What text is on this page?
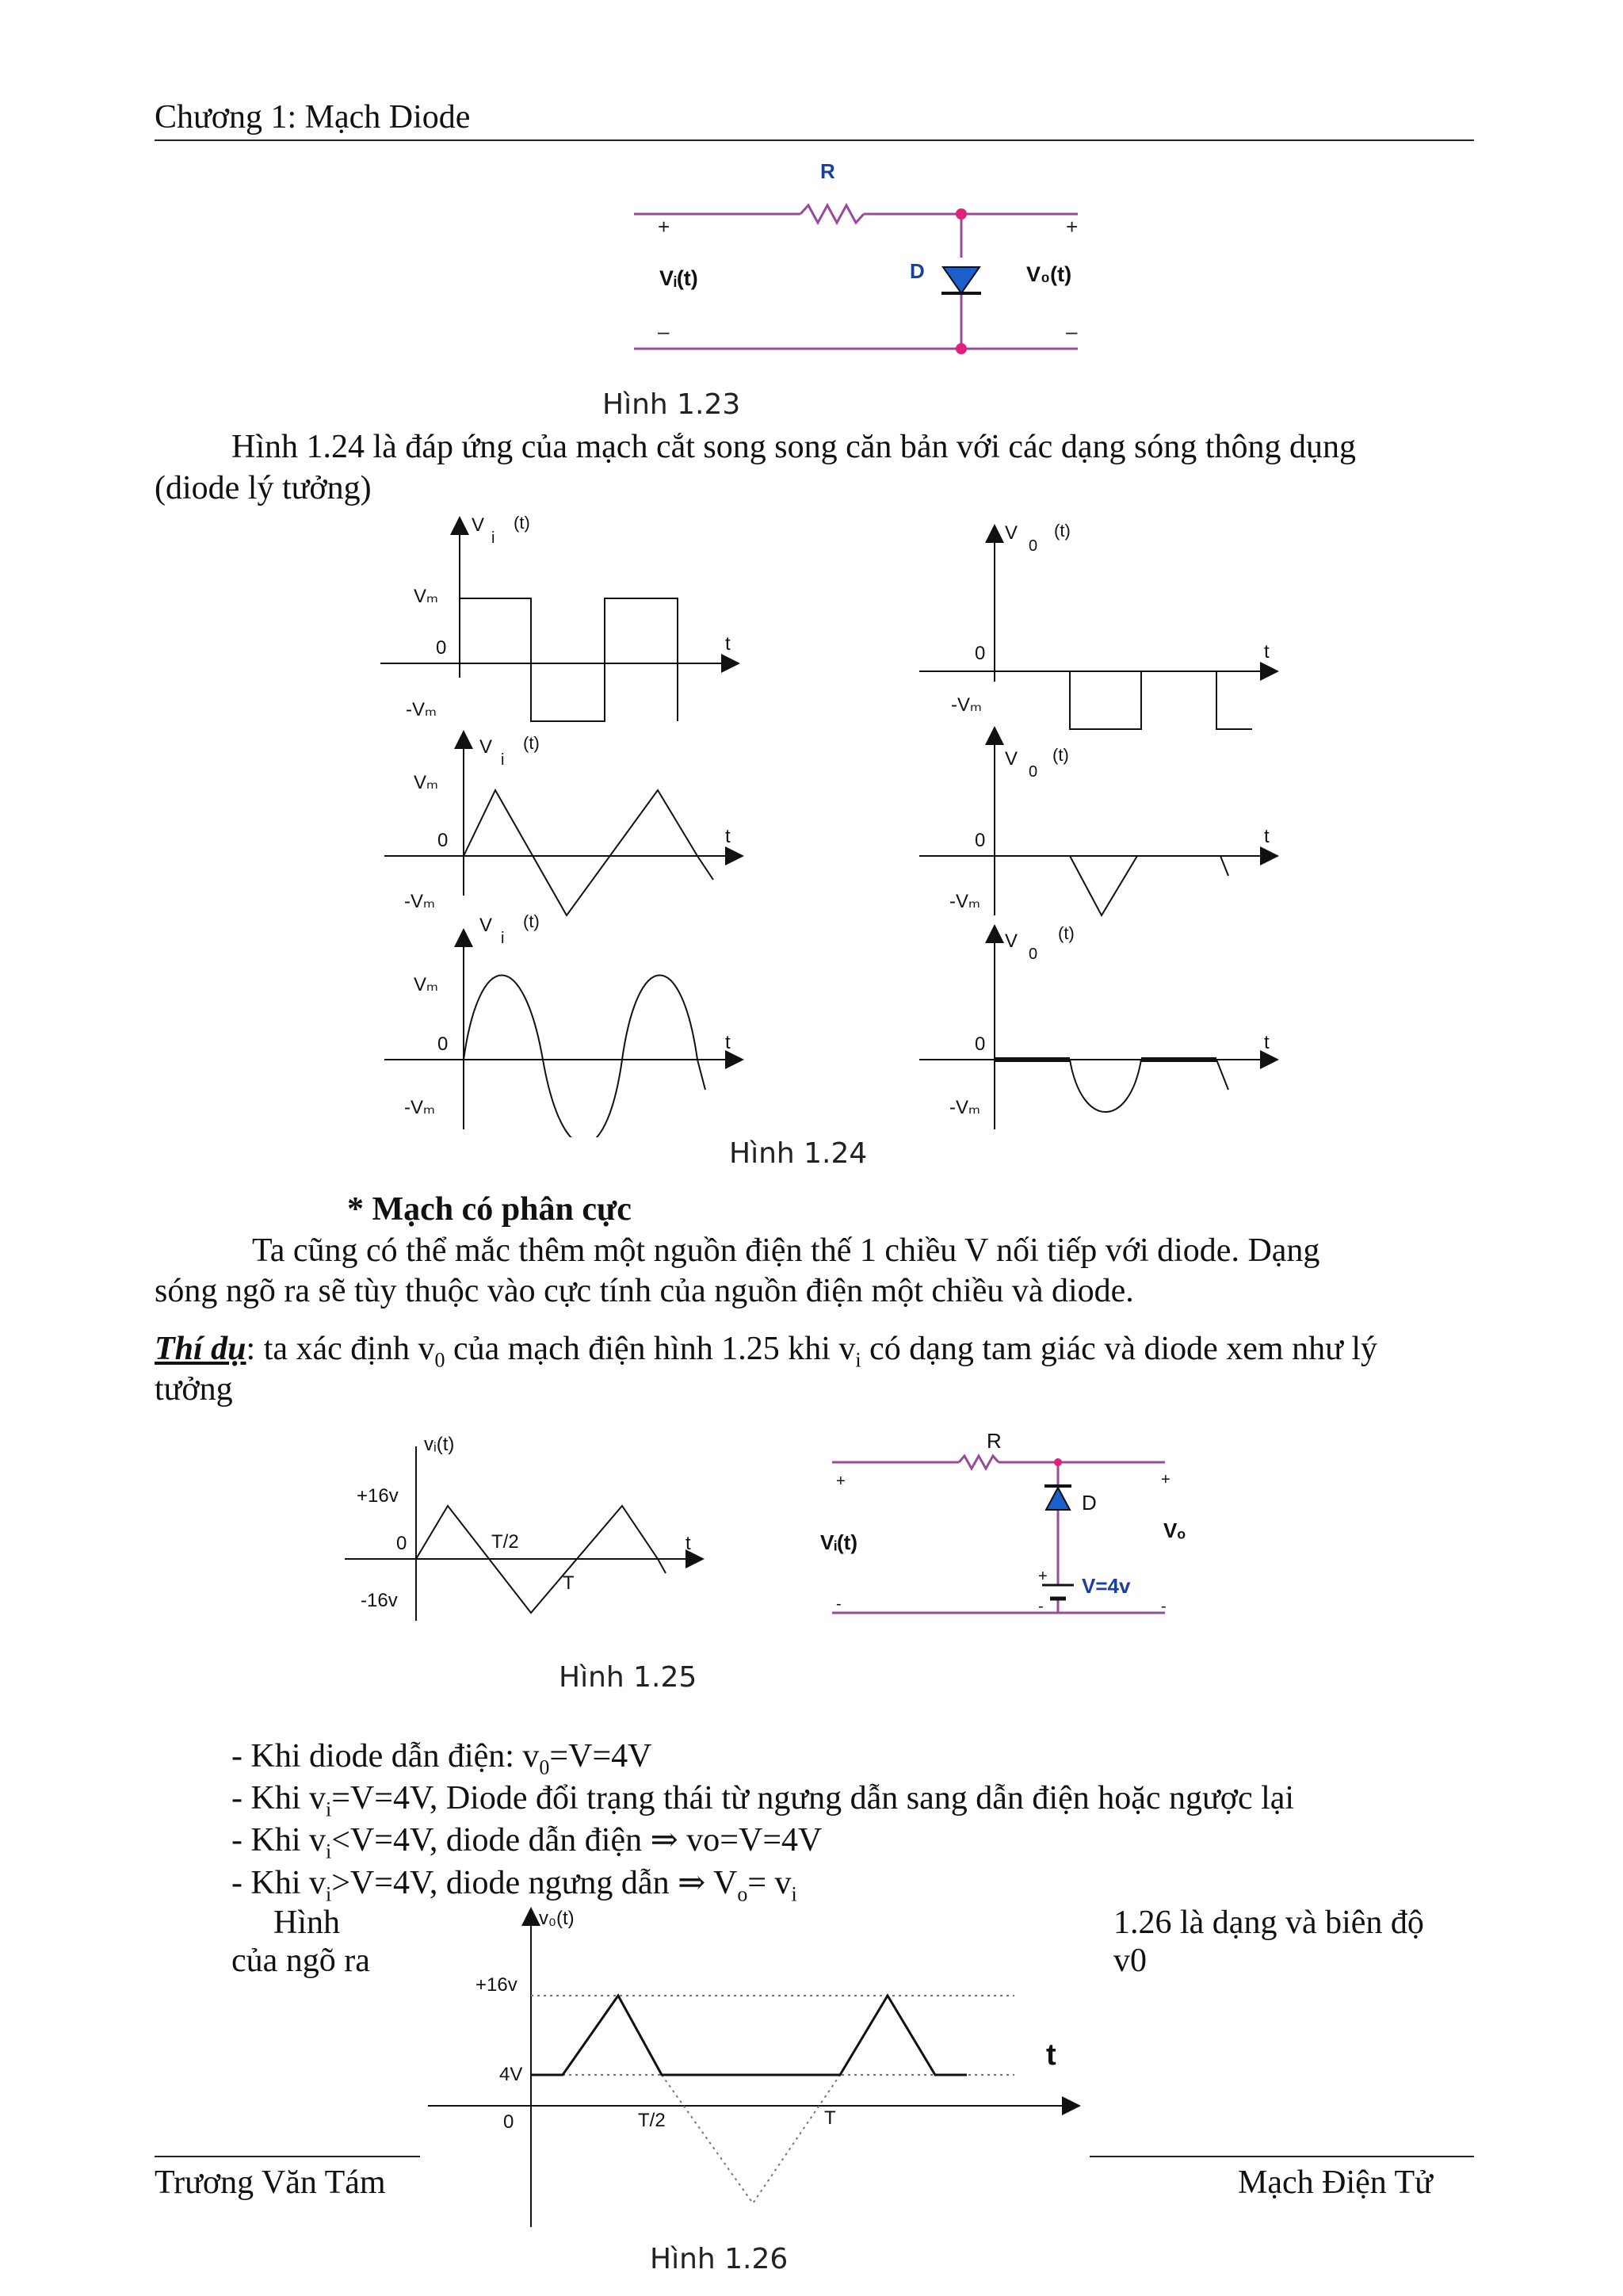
Chương 1: Mạch Diode
R
D
+	+
–	–
Vᵢ(t)	V₀(t)
Hình 1.23
Hình 1.24 là đáp ứng của mạch cắt song song căn bản với các dạng sóng thông dụng
(diode lý tưởng)
V
i
(t)
Vₘ
0
-Vₘ
t
V
i
(t)
Vₘ
0
-Vₘ
t
V
i
(t)
Vₘ
0
-Vₘ
t
V
0
(t)
0
-Vₘ
t
V
0
(t)
0
-Vₘ
t
V
0
(t)
0
-Vₘ
t
Hình 1.24
* Mạch có phân cực
Ta cũng có thể mắc thêm một nguồn điện thế 1 chiều V nối tiếp với diode. Dạng
sóng ngõ ra sẽ tùy thuộc vào cực tính của nguồn điện một chiều và diode.
Thí dụ: ta xác định $v_0$ của mạch điện hình 1.25 khi $v_i$ có dạng tam giác và diode xem như lý
tưởng
vᵢ(t)
+16v
0
-16v
T/2
T
t
R
D
+	+
+
-	-	-
Vᵢ(t)	Vₒ
V=4v
Hình 1.25
- Khi diode dẫn điện: $v_0=V=4V$
- Khi $v_i=V=4V$, Diode đổi trạng thái từ ngưng dẫn sang dẫn điện hoặc ngược lại
- Khi $v_i<V=4V$, diode dẫn điện ⇒ vo=V=4V
- Khi $v_i>V=4V$, diode ngưng dẫn ⇒ $V_o= v_i$
Hình
của ngõ ra
1.26 là dạng và biên độ
v0
v₀(t)
+16v
4V
0	T/2	T
t
Hình 1.26
Trương Văn Tám	Mạch Điện Tử
